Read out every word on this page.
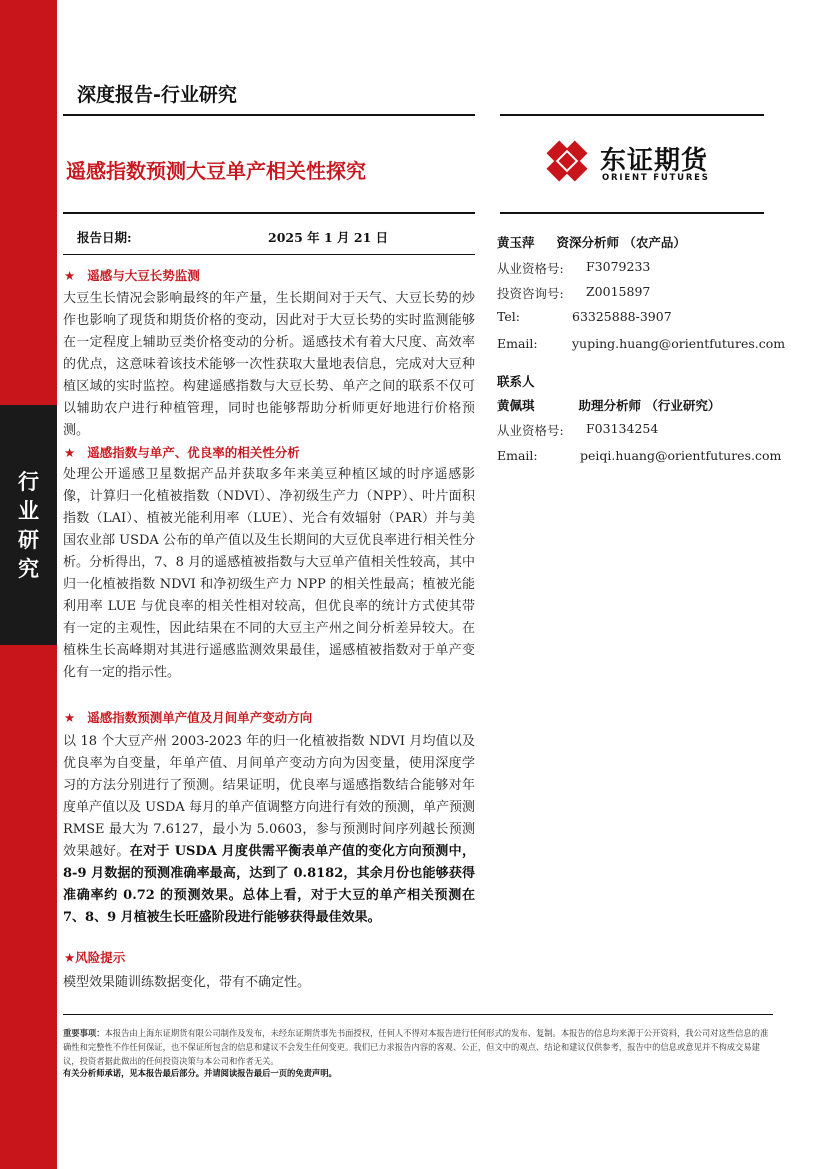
行
业
研
究
深度报告-行业研究
遥感指数预测大豆单产相关性探究	东证期货
ORIENT FUTURES
报告日期:	2025 年 1 月 21 日
★ 遥感与大豆长势监测
大豆生长情况会影响最终的年产量，生长期间对于天气、大豆长势的炒作也影响了现货和期货价格的变动，因此对于大豆长势的实时监测能够在一定程度上辅助豆类价格变动的分析。遥感技术有着大尺度、高效率的优点，这意味着该技术能够一次性获取大量地表信息，完成对大豆种植区域的实时监控。构建遥感指数与大豆长势、单产之间的联系不仅可以辅助农户进行种植管理，同时也能够帮助分析师更好地进行价格预测。
★ 遥感指数与单产、优良率的相关性分析
处理公开遥感卫星数据产品并获取多年来美豆种植区域的时序遥感影像，计算归一化植被指数（NDVI）、净初级生产力（NPP）、叶片面积指数（LAI）、植被光能利用率（LUE）、光合有效辐射（PAR）并与美国农业部 USDA 公布的单产值以及生长期间的大豆优良率进行相关性分析。分析得出，7、8 月的遥感植被指数与大豆单产值相关性较高，其中归一化植被指数 NDVI 和净初级生产力 NPP 的相关性最高；植被光能利用率 LUE 与优良率的相关性相对较高，但优良率的统计方式使其带有一定的主观性，因此结果在不同的大豆主产州之间分析差异较大。在植株生长高峰期对其进行遥感监测效果最佳，遥感植被指数对于单产变化有一定的指示性。
★ 遥感指数预测单产值及月间单产变动方向
以 18 个大豆产州 2003-2023 年的归一化植被指数 NDVI 月均值以及优良率为自变量，年单产值、月间单产变动方向为因变量，使用深度学习的方法分别进行了预测。结果证明，优良率与遥感指数结合能够对年度单产值以及 USDA 每月的单产值调整方向进行有效的预测，单产预测 RMSE 最大为 7.6127，最小为 5.0603，参与预测时间序列越长预测效果越好。在对于 USDA 月度供需平衡表单产值的变化方向预测中，8-9 月数据的预测准确率最高，达到了 0.8182，其余月份也能够获得准确率约 0.72 的预测效果。总体上看，对于大豆的单产相关预测在 7、8、9 月植被生长旺盛阶段进行能够获得最佳效果。
★风险提示
模型效果随训练数据变化，带有不确定性。
黄玉萍 资深分析师 （农产品）
从业资格号: F3079233
投资咨询号: Z0015897
Tel:	63325888-3907
Email:	yuping.huang@orientfutures.com
联系人
黄佩琪	助理分析师 （行业研究）
从业资格号: F03134254
Email:	peiqi.huang@orientfutures.com
重要事项：本报告由上海东证期货有限公司制作及发布，未经东证期货事先书面授权，任何人不得对本报告进行任何形式的发布、复制。本报告的信息均来源于公开资料，我公司对这些信息的准确性和完整性不作任何保证，也不保证所包含的信息和建议不会发生任何变更。我们已力求报告内容的客观、公正，但文中的观点、结论和建议仅供参考，报告中的信息或意见并不构成交易建议，投资者据此做出的任何投资决策与本公司和作者无关。
有关分析师承诺，见本报告最后部分。并请阅读报告最后一页的免责声明。
